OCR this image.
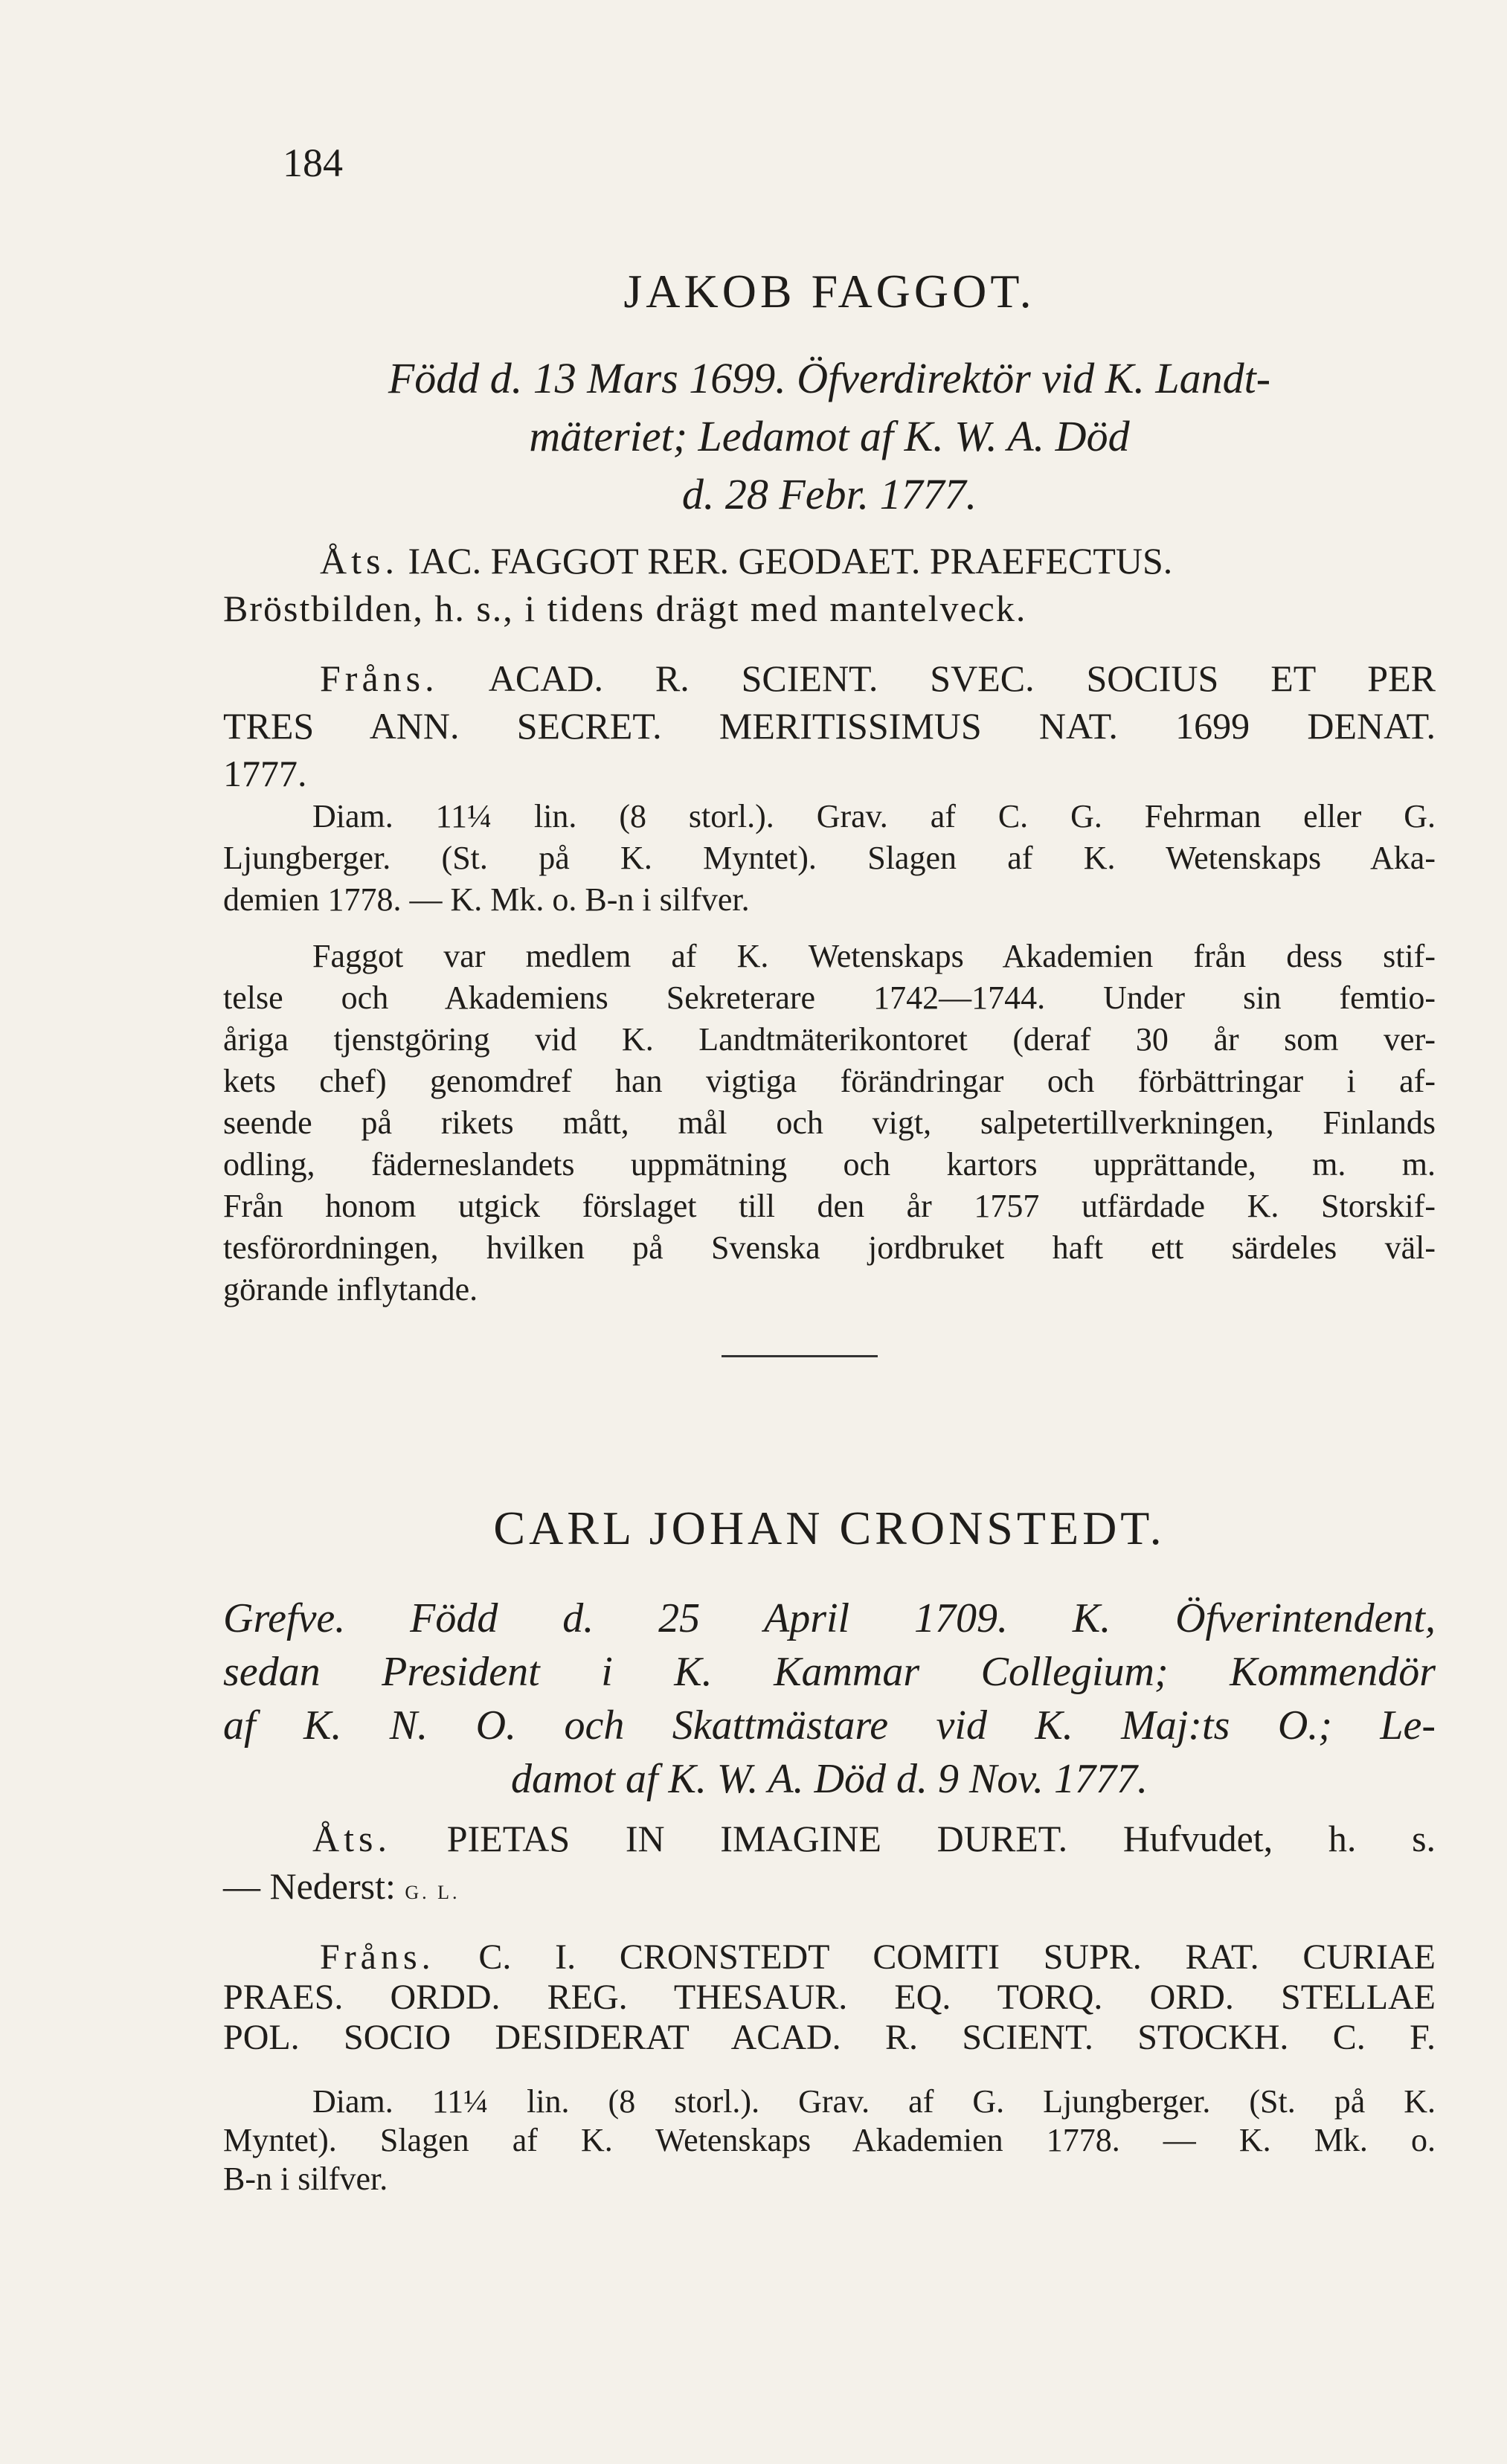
184
JAKOB FAGGOT.
Född d. 13 Mars 1699. Öfverdirektör vid K. Landt-
mäteriet; Ledamot af K. W. A. Död
d. 28 Febr. 1777.

Åts. IAC. FAGGOT RER. GEODAET. PRAEFECTUS.

Bröstbilden, h. s., i tidens drägt med mantelveck.

Fråns. ACAD. R. SCIENT. SVEC. SOCIUS ET PER
TRES ANN. SECRET. MERITISSIMUS NAT. 1699 DENAT.
1777.
Diam. 11¼ lin. (8 storl.). Grav. af C. G. Fehrman eller G.
Ljungberger. (St. på K. Myntet). Slagen af K. Wetenskaps Aka-
demien 1778. — K. Mk. o. B-n i silfver.
Faggot var medlem af K. Wetenskaps Akademien från dess stif-
telse och Akademiens Sekreterare 1742—1744. Under sin femtio-
åriga tjenstgöring vid K. Landtmäterikontoret (deraf 30 år som ver-
kets chef) genomdref han vigtiga förändringar och förbättringar i af-
seende på rikets mått, mål och vigt, salpetertillverkningen, Finlands
odling, fäderneslandets uppmätning och kartors upprättande, m. m.
Från honom utgick förslaget till den år 1757 utfärdade K. Storskif-
tesförordningen, hvilken på Svenska jordbruket haft ett särdeles väl-
görande inflytande.
CARL JOHAN CRONSTEDT.
Grefve. Född d. 25 April 1709. K. Öfverintendent,
sedan President i K. Kammar Collegium; Kommendör
af K. N. O. och Skattmästare vid K. Maj:ts O.; Le-
damot af K. W. A. Död d. 9 Nov. 1777.
Åts. PIETAS IN IMAGINE DURET. Hufvudet, h. s.
— Nederst: G. L.
Fråns. C. I. CRONSTEDT COMITI SUPR. RAT. CURIAE
PRAES. ORDD. REG. THESAUR. EQ. TORQ. ORD. STELLAE
POL. SOCIO DESIDERAT ACAD. R. SCIENT. STOCKH. C. F.
Diam. 11¼ lin. (8 storl.). Grav. af G. Ljungberger. (St. på K.
Myntet). Slagen af K. Wetenskaps Akademien 1778. — K. Mk. o.
B-n i silfver.
